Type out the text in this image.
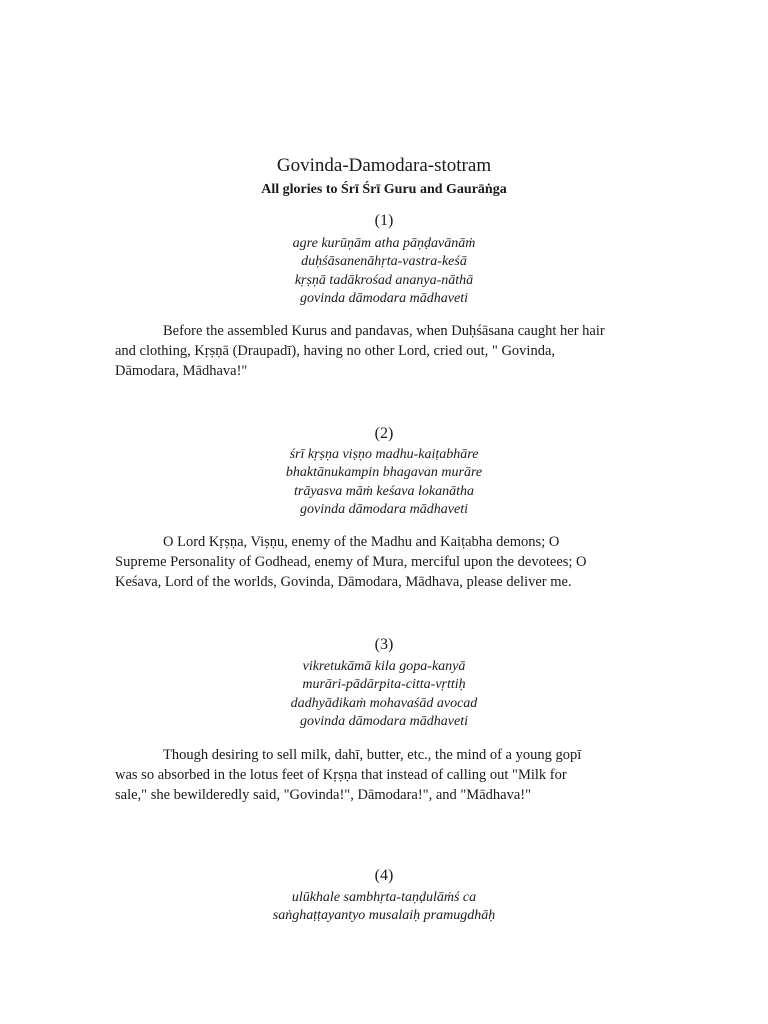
Govinda-Damodara-stotram
All glories to Śrī Śrī Guru and Gaurāṅga
(1)
agre kurūṇām atha pāṇḍavānāṁ
duḥśāsanenāhṛta-vastra-keśā
kṛṣṇā tadākrośad ananya-nāthā
govinda dāmodara mādhaveti
Before the assembled Kurus and pandavas, when Duḥśāsana caught her hair
and clothing, Kṛṣṇā (Draupadī), having no other Lord, cried out, " Govinda,
Dāmodara, Mādhava!"
(2)
śrī kṛṣṇa viṣṇo madhu-kaiṭabhāre
bhaktānukampin bhagavan murāre
trāyasva māṁ keśava lokanātha
govinda dāmodara mādhaveti
O Lord Kṛṣṇa, Viṣṇu, enemy of the Madhu and Kaiṭabha demons; O
Supreme Personality of Godhead, enemy of Mura, merciful upon the devotees; O
Keśava, Lord of the worlds, Govinda, Dāmodara, Mādhava, please deliver me.
(3)
vikretukāmā kila gopa-kanyā
murāri-pādārpita-citta-vṛttiḥ
dadhyādikaṁ mohavaśād avocad
govinda dāmodara mādhaveti
Though desiring to sell milk, dahī, butter, etc., the mind of a young gopī
was so absorbed in the lotus feet of Kṛṣṇa that instead of calling out "Milk for
sale," she bewilderedly said, "Govinda!", Dāmodara!", and "Mādhava!"
(4)
ulūkhale sambhṛta-taṇḍulāṁś ca
saṅghaṭṭayantyo musalaiḥ pramugdhāḥ
